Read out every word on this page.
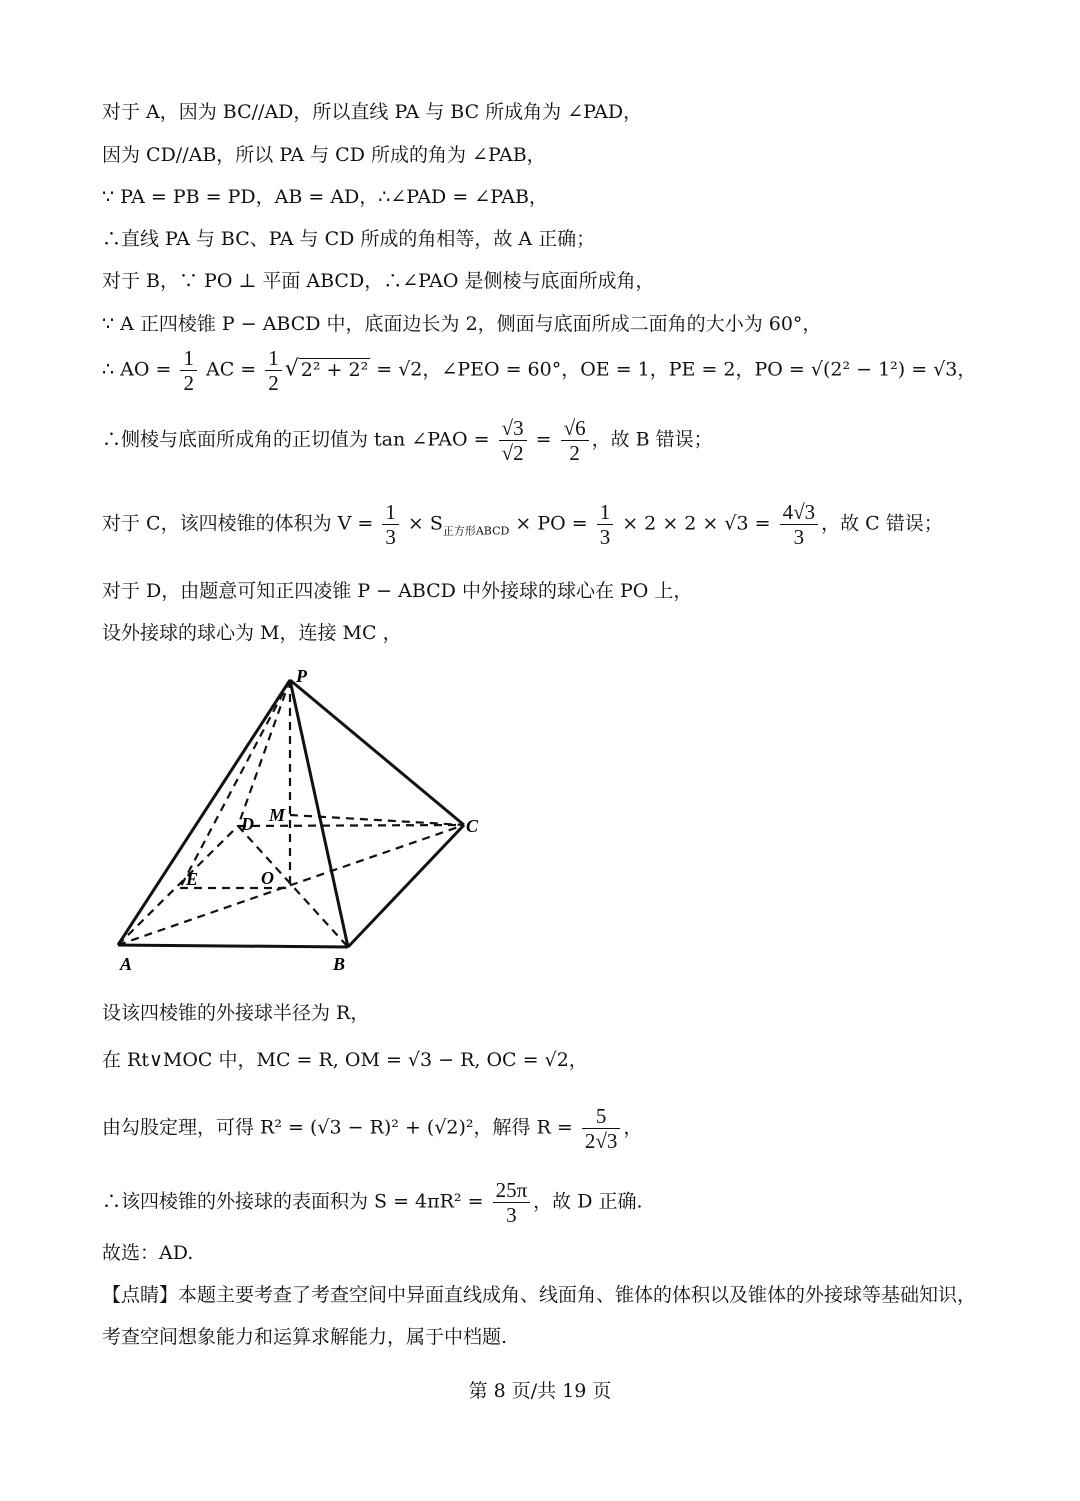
对于 A，因为 BC//AD，所以直线 PA 与 BC 所成角为 ∠PAD，
因为 CD//AB，所以 PA 与 CD 所成的角为 ∠PAB，
∵ PA = PB = PD，AB = AD，∴∠PAD = ∠PAB，
∴直线 PA 与 BC、PA 与 CD 所成的角相等，故 A 正确；
对于 B，∵ PO ⊥ 平面 ABCD，∴∠PAO 是侧棱与底面所成角，
∵ A 正四棱锥 P − ABCD 中，底面边长为 2，侧面与底面所成二面角的大小为 60°，
∴ AO = $\frac{1}{2}$ AC = $\frac{1}{2}$ √ 2² + 2² = √2，∠PEO = 60°，OE = 1，PE = 2，PO = √(2² − 1²) = √3，
∴侧棱与底面所成角的正切值为 tan ∠PAO = $\frac{√3}{√2} = \frac{√6}{2}$ ，故 B 错误；
对于 C，该四棱锥的体积为 $V = \frac{1}{3} \times S_{正方形ABCD}$ × PO = $\frac{1}{3} \times 2 \times 2 \times √3 = \frac{4√3}{3}$ ，故 C 错误；
对于 D，由题意可知正四凌锥 P − ABCD 中外接球的球心在 PO 上，
设外接球的球心为 M，连接 MC ，
P
A	B
C
D M
E	O
设该四棱锥的外接球半径为 R，
在 Rt∨MOC 中，MC = R, OM = √3 − R, OC = √2，
由勾股定理，可得 R² = (√3 − R)² + (√2)²，解得 $R = \frac{5}{2√3}$ ，
∴该四棱锥的外接球的表面积为 $S = 4\pi R^2 = \frac{25\pi}{3}$ ，故 D 正确.
故选：AD.
【点睛】本题主要考查了考查空间中异面直线成角、线面角、锥体的体积以及锥体的外接球等基础知识，
考查空间想象能力和运算求解能力，属于中档题.
第 8 页/共 19 页
